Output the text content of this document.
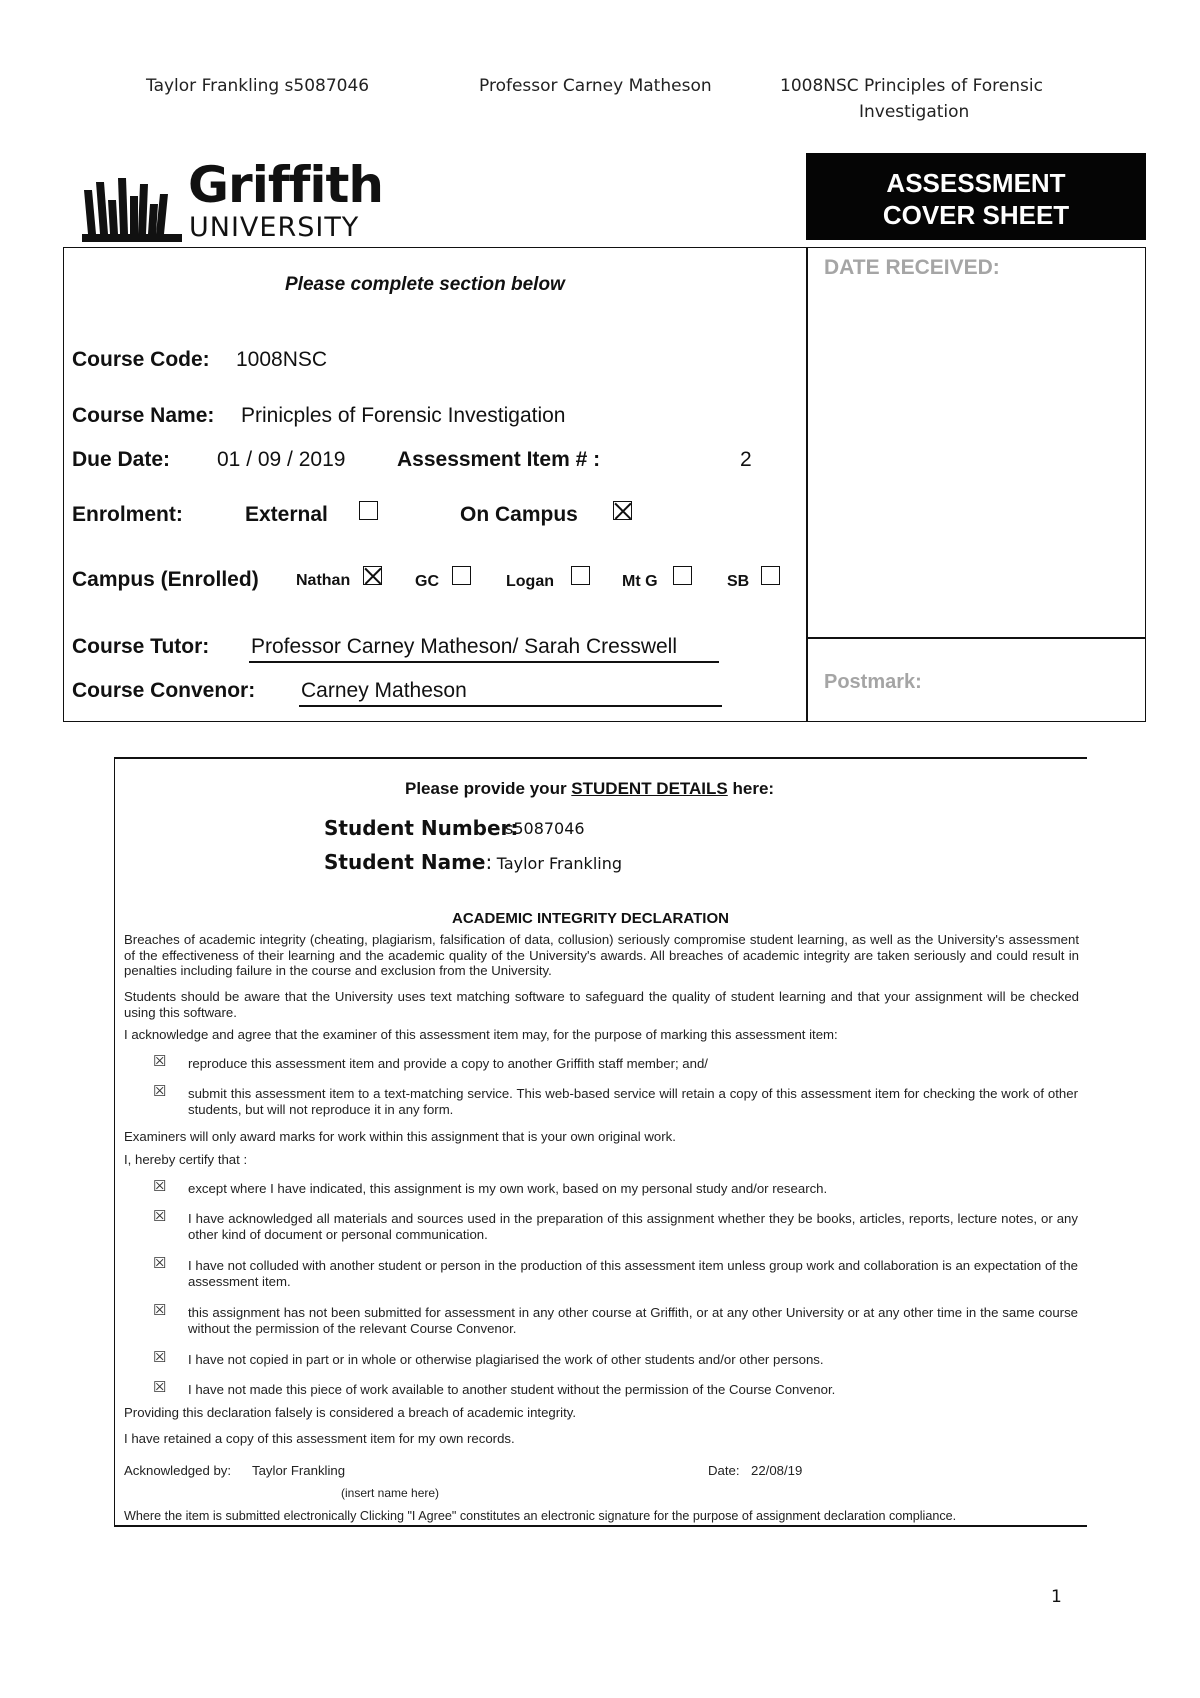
Taylor Frankling s5087046	Professor Carney Matheson	1008NSC Principles of Forensic
Investigation
Griffith
UNIVERSITY
ASSESSMENT
COVER SHEET
DATE RECEIVED:
Postmark:
Please complete section below
Course Code: 1008NSC
Course Name: Prinicples of Forensic Investigation
Due Date: 01 / 09 / 2019 Assessment Item # :	2
Enrolment:	External	On Campus
Campus (Enrolled) Nathan	GC	Logan	Mt G	SB
Course Tutor: Professor Carney Matheson/ Sarah Cresswell
Course Convenor: Carney Matheson
Please provide your STUDENT DETAILS here:
Student Number:
s5087046
Student Name: Taylor Frankling
ACADEMIC INTEGRITY DECLARATION
Breaches of academic integrity (cheating, plagiarism, falsification of data, collusion) seriously compromise student learning, as well as the University's assessment of the effectiveness of their learning and the academic quality of the University's awards. All breaches of academic integrity are taken seriously and could result in penalties including failure in the course and exclusion from the University.
Students should be aware that the University uses text matching software to safeguard the quality of student learning and that your assignment will be checked using this software.
I acknowledge and agree that the examiner of this assessment item may, for the purpose of marking this assessment item:
☒ reproduce this assessment item and provide a copy to another Griffith staff member; and/
☒ submit this assessment item to a text-matching service. This web-based service will retain a copy of this assessment item for checking the work of other students, but will not reproduce it in any form.
Examiners will only award marks for work within this assignment that is your own original work.
I, hereby certify that :
☒ except where I have indicated, this assignment is my own work, based on my personal study and/or research.
☒ I have acknowledged all materials and sources used in the preparation of this assignment whether they be books, articles, reports, lecture notes, or any other kind of document or personal communication.
☒ I have not colluded with another student or person in the production of this assessment item unless group work and collaboration is an expectation of the assessment item.
☒ this assignment has not been submitted for assessment in any other course at Griffith, or at any other University or at any other time in the same course without the permission of the relevant Course Convenor.
☒ I have not copied in part or in whole or otherwise plagiarised the work of other students and/or other persons.
☒ I have not made this piece of work available to another student without the permission of the Course Convenor.
Providing this declaration falsely is considered a breach of academic integrity.
I have retained a copy of this assessment item for my own records.
Acknowledged by: Taylor Frankling	Date: 22/08/19
(insert name here)
Where the item is submitted electronically Clicking "I Agree" constitutes an electronic signature for the purpose of assignment declaration compliance.
1
